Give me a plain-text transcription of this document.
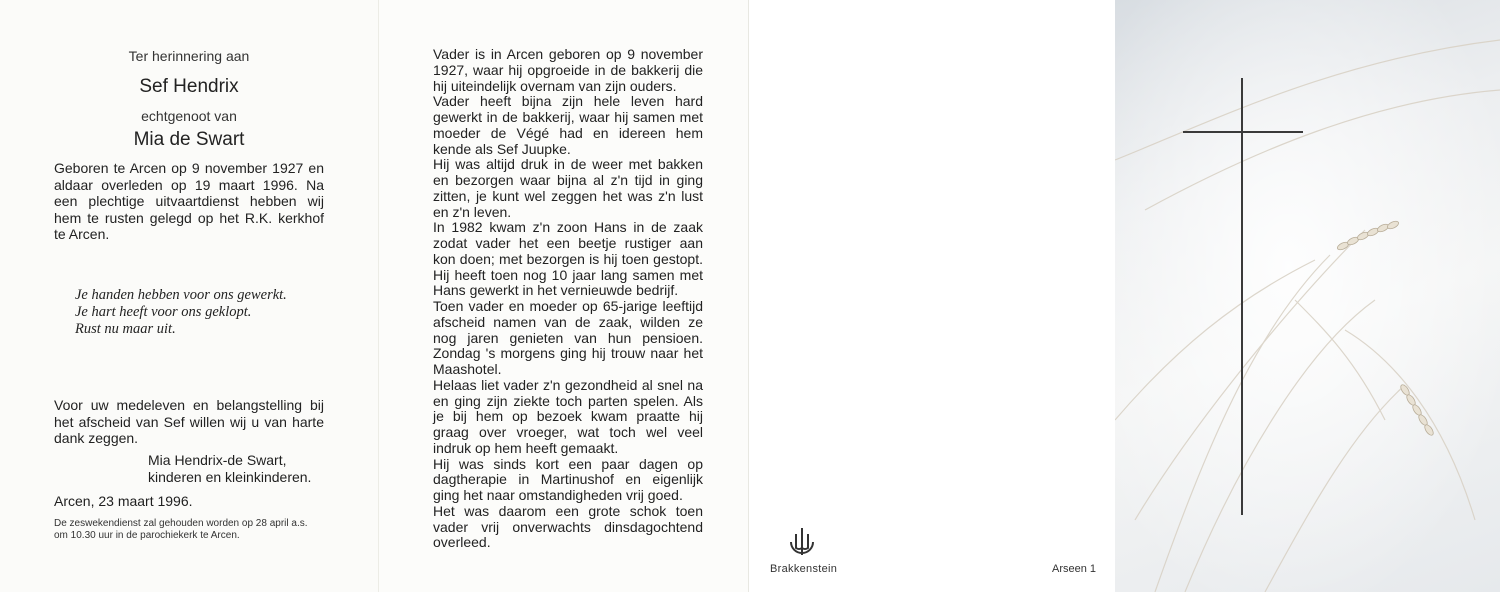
Ter herinnering aan
Sef Hendrix
echtgenoot van
Mia de Swart
Geboren te Arcen op 9 november 1927 en aldaar overleden op 19 maart 1996. Na een plechtige uitvaartdienst hebben wij hem te rusten gelegd op het R.K. kerkhof te Arcen.
Je handen hebben voor ons gewerkt.
Je hart heeft voor ons geklopt.
Rust nu maar uit.
Voor uw medeleven en belangstelling bij het afscheid van Sef willen wij u van harte dank zeggen.
Mia Hendrix-de Swart,
kinderen en kleinkinderen.
Arcen, 23 maart 1996.
De zeswekendienst zal gehouden worden op 28 april a.s. om 10.30 uur in de parochiekerk te Arcen.

Vader is in Arcen geboren op 9 november 1927, waar hij opgroeide in de bakkerij die hij uiteindelijk overnam van zijn ouders.

Vader heeft bijna zijn hele leven hard gewerkt in de bakkerij, waar hij samen met moeder de Végé had en idereen hem kende als Sef Juupke.

Hij was altijd druk in de weer met bakken en bezorgen waar bijna al z'n tijd in ging zitten, je kunt wel zeggen het was z'n lust en z'n leven.

In 1982 kwam z'n zoon Hans in de zaak zodat vader het een beetje rustiger aan kon doen; met bezorgen is hij toen gestopt. Hij heeft toen nog 10 jaar lang samen met Hans gewerkt in het vernieuwde bedrijf.

Toen vader en moeder op 65-jarige leeftijd afscheid namen van de zaak, wilden ze nog jaren genieten van hun pensioen. Zondag 's morgens ging hij trouw naar het Maashotel.

Helaas liet vader z'n gezondheid al snel na en ging zijn ziekte toch parten spelen. Als je bij hem op bezoek kwam praatte hij graag over vroeger, wat toch wel veel indruk op hem heeft gemaakt.

Hij was sinds kort een paar dagen op dagtherapie in Martinushof en eigenlijk ging het naar omstandigheden vrij goed.

Het was daarom een grote schok toen vader vrij onverwachts dinsdagochtend overleed.

Brakkenstein	Arseen 1
